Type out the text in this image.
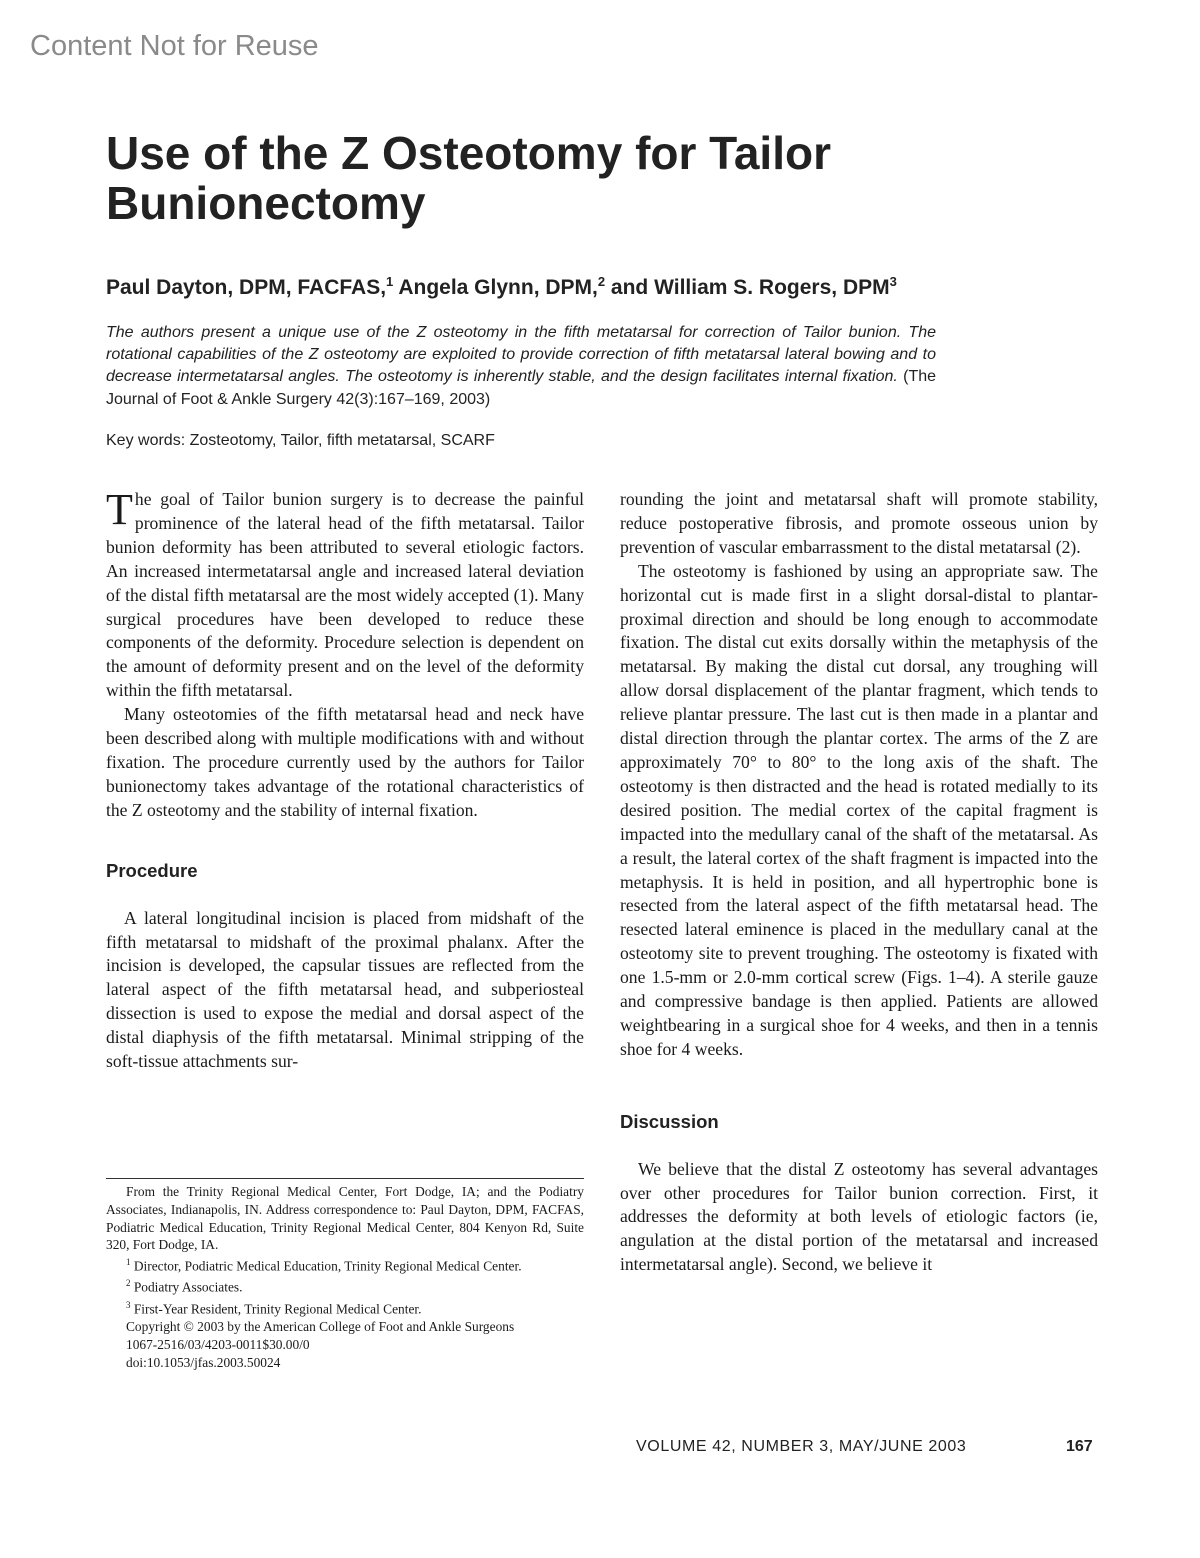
Content Not for Reuse
Use of the Z Osteotomy for Tailor Bunionectomy
Paul Dayton, DPM, FACFAS,$^1$ Angela Glynn, DPM,$^2$ and William S. Rogers, DPM$^3$
The authors present a unique use of the Z osteotomy in the fifth metatarsal for correction of Tailor bunion. The rotational capabilities of the Z osteotomy are exploited to provide correction of fifth metatarsal lateral bowing and to decrease intermetatarsal angles. The osteotomy is inherently stable, and the design facilitates internal fixation. (The Journal of Foot & Ankle Surgery 42(3):167–169, 2003)
Key words: Zosteotomy, Tailor, fifth metatarsal, SCARF

The goal of Tailor bunion surgery is to decrease the painful prominence of the lateral head of the fifth metatarsal. Tailor bunion deformity has been attributed to several etiologic factors. An increased intermetatarsal angle and increased lateral deviation of the distal fifth metatarsal are the most widely accepted (1). Many surgical procedures have been developed to reduce these components of the deformity. Procedure selection is dependent on the amount of deformity present and on the level of the deformity within the fifth metatarsal.

Many osteotomies of the fifth metatarsal head and neck have been described along with multiple modifications with and without fixation. The procedure currently used by the authors for Tailor bunionectomy takes advantage of the rotational characteristics of the Z osteotomy and the stability of internal fixation.

Procedure

A lateral longitudinal incision is placed from midshaft of the fifth metatarsal to midshaft of the proximal phalanx. After the incision is developed, the capsular tissues are reflected from the lateral aspect of the fifth metatarsal head, and subperiosteal dissection is used to expose the medial and dorsal aspect of the distal diaphysis of the fifth metatarsal. Minimal stripping of the soft-tissue attachments sur-

From the Trinity Regional Medical Center, Fort Dodge, IA; and the Podiatry Associates, Indianapolis, IN. Address correspondence to: Paul Dayton, DPM, FACFAS, Podiatric Medical Education, Trinity Regional Medical Center, 804 Kenyon Rd, Suite 320, Fort Dodge, IA.

$^1$ Director, Podiatric Medical Education, Trinity Regional Medical Center.

$^2$ Podiatry Associates.

$^3$ First-Year Resident, Trinity Regional Medical Center.

Copyright © 2003 by the American College of Foot and Ankle Surgeons

1067-2516/03/4203-0011$30.00/0

doi:10.1053/jfas.2003.50024

rounding the joint and metatarsal shaft will promote stability, reduce postoperative fibrosis, and promote osseous union by prevention of vascular embarrassment to the distal metatarsal (2).

The osteotomy is fashioned by using an appropriate saw. The horizontal cut is made first in a slight dorsal-distal to plantar-proximal direction and should be long enough to accommodate fixation. The distal cut exits dorsally within the metaphysis of the metatarsal. By making the distal cut dorsal, any troughing will allow dorsal displacement of the plantar fragment, which tends to relieve plantar pressure. The last cut is then made in a plantar and distal direction through the plantar cortex. The arms of the Z are approximately 70° to 80° to the long axis of the shaft. The osteotomy is then distracted and the head is rotated medially to its desired position. The medial cortex of the capital fragment is impacted into the medullary canal of the shaft of the metatarsal. As a result, the lateral cortex of the shaft fragment is impacted into the metaphysis. It is held in position, and all hypertrophic bone is resected from the lateral aspect of the fifth metatarsal head. The resected lateral eminence is placed in the medullary canal at the osteotomy site to prevent troughing. The osteotomy is fixated with one 1.5-mm or 2.0-mm cortical screw (Figs. 1–4). A sterile gauze and compressive bandage is then applied. Patients are allowed weightbearing in a surgical shoe for 4 weeks, and then in a tennis shoe for 4 weeks.

Discussion

We believe that the distal Z osteotomy has several advantages over other procedures for Tailor bunion correction. First, it addresses the deformity at both levels of etiologic factors (ie, angulation at the distal portion of the metatarsal and increased intermetatarsal angle). Second, we believe it

VOLUME 42, NUMBER 3, MAY/JUNE 2003	167
